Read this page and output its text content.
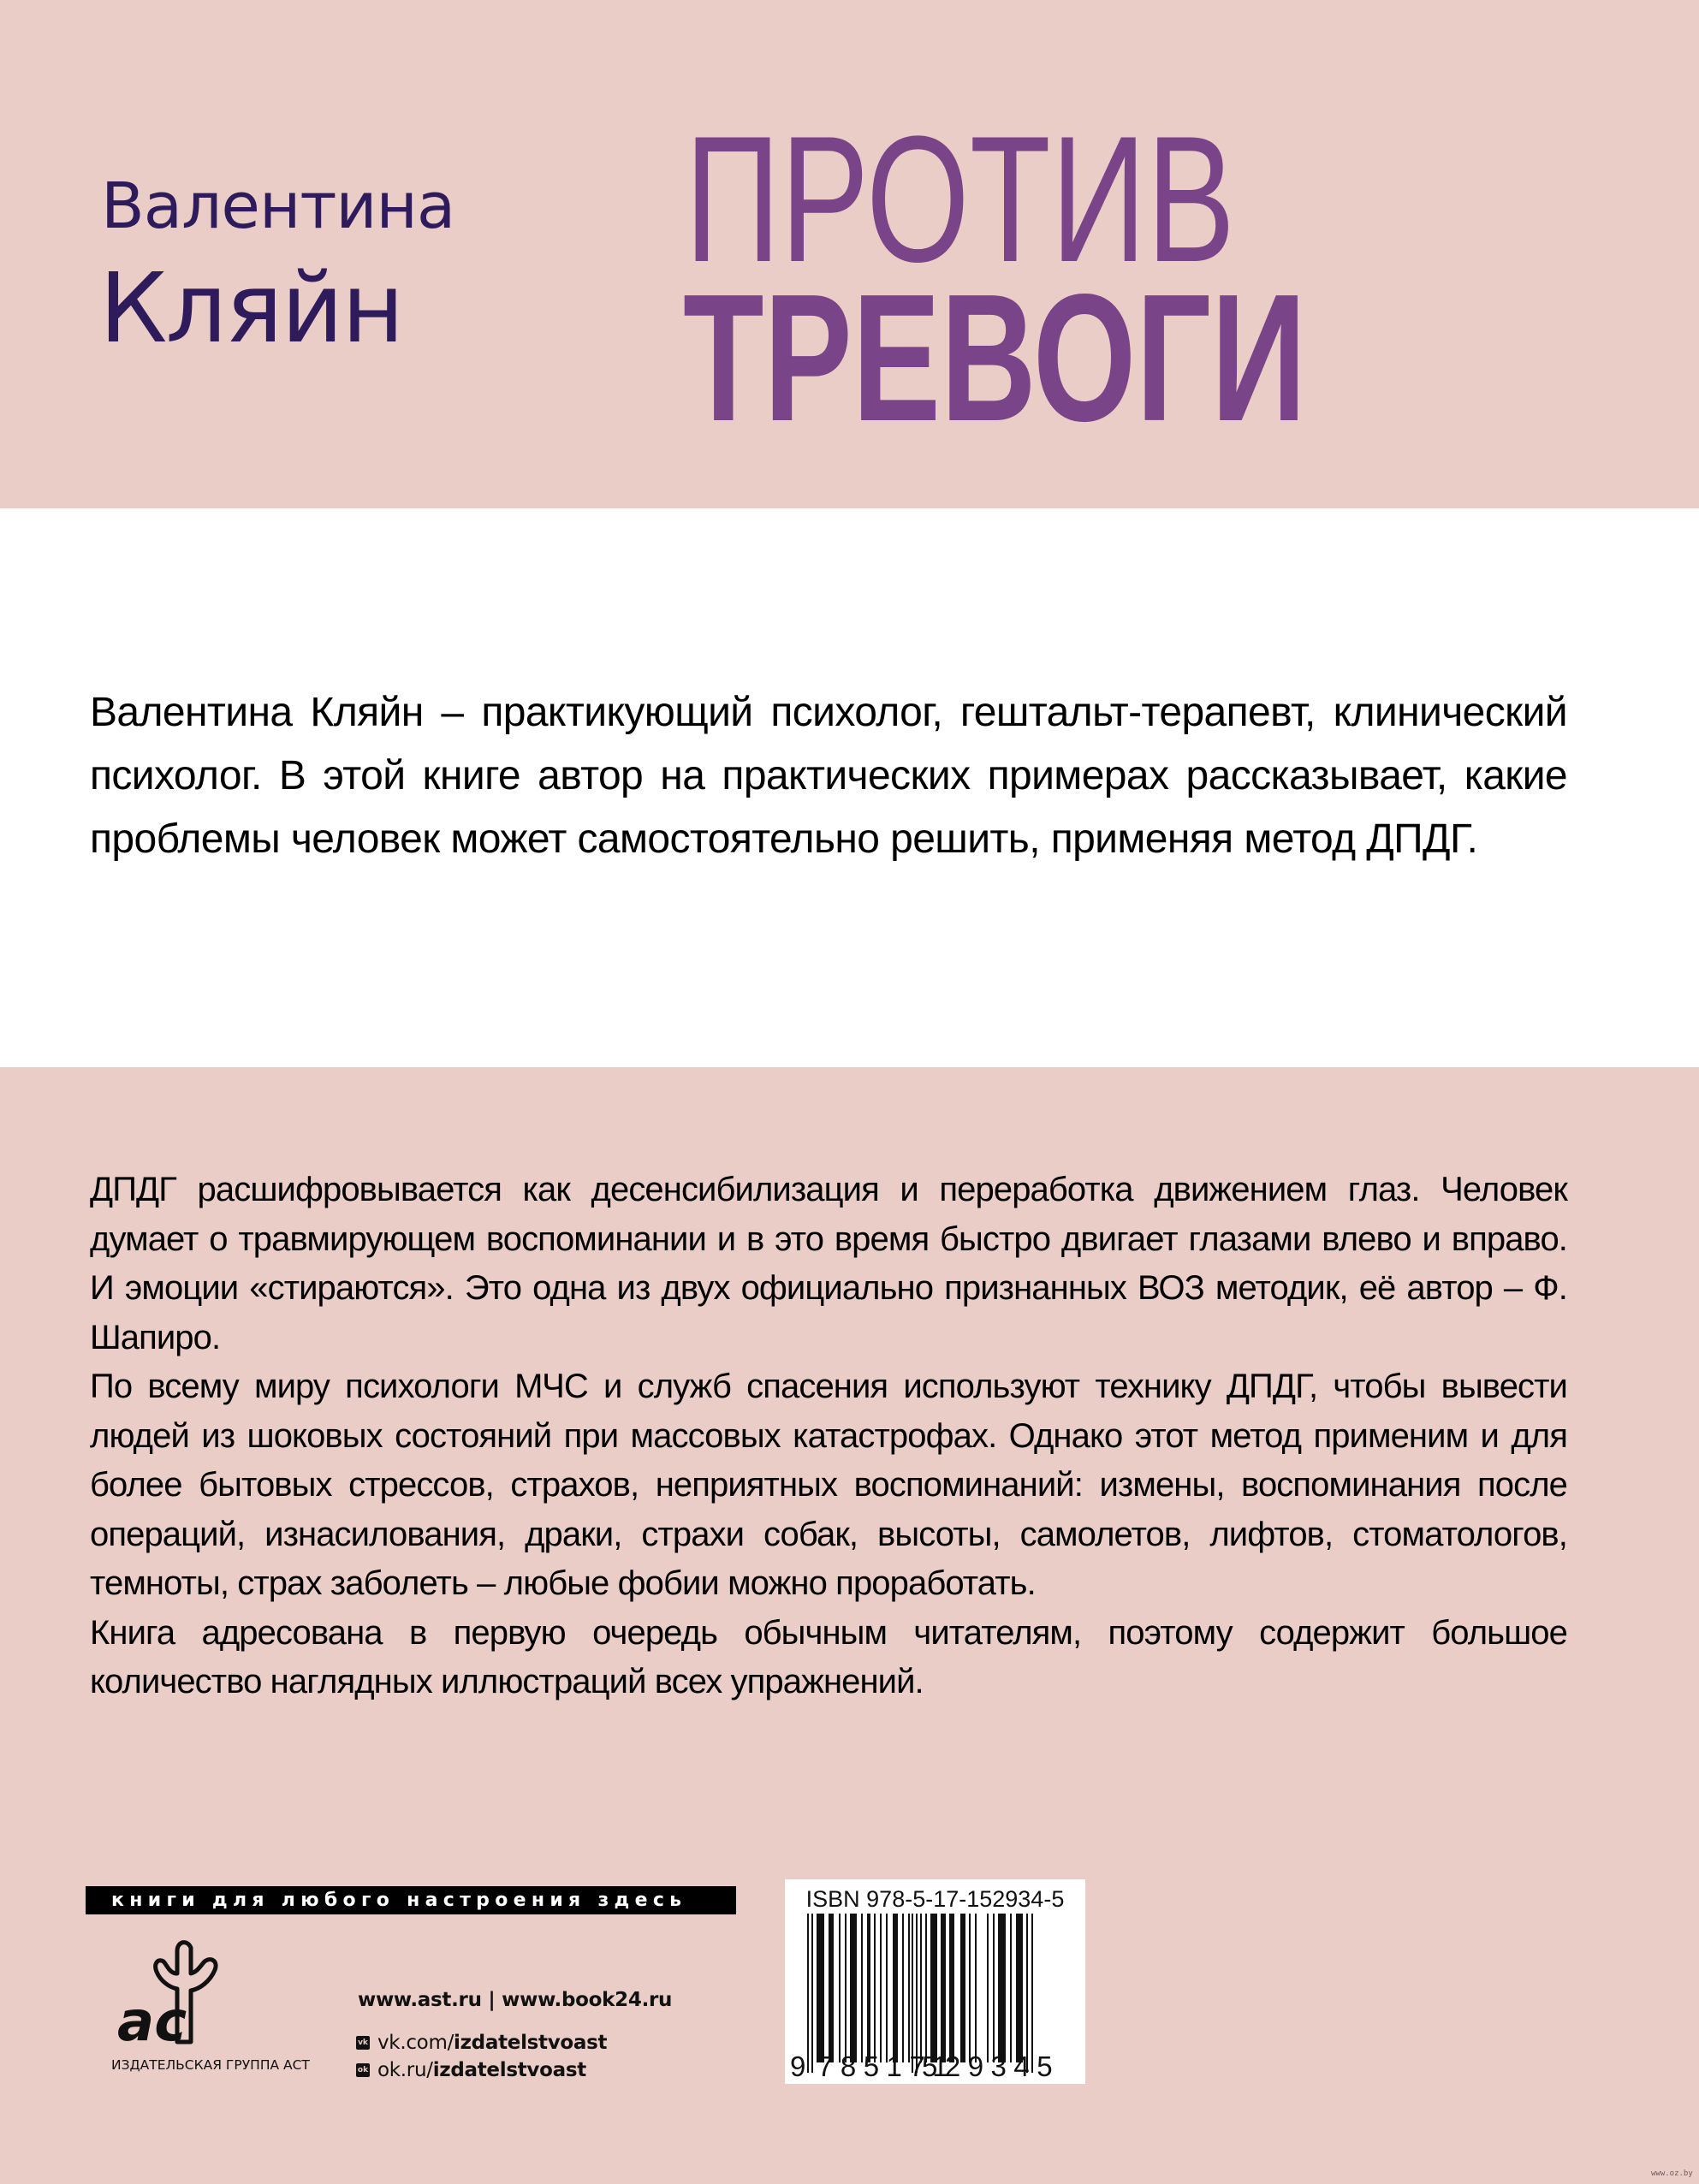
Валентина
Кляйн
ПРОТИВ
ТРЕВОГИ
Валентина Кляйн – практикующий психолог, гештальт-терапевт, клинический психолог. В этой книге автор на практических примерах рассказывает, какие проблемы человек может самостоятельно решить, применяя метод ДПДГ.

ДПДГ расшифровывается как десенсибилизация и переработка движением глаз. Человек думает о травмирующем воспоминании и в это время быстро двигает глазами влево и вправо. И эмоции «стираются». Это одна из двух официально признанных ВОЗ методик, её автор – Ф. Шапиро.

По всему миру психологи МЧС и служб спасения используют технику ДПДГ, чтобы вывести людей из шоковых состояний при массовых катастрофах. Однако этот метод применим и для более бытовых стрессов, страхов, неприятных воспоминаний: измены, воспоминания после операций, изнасилования, драки, страхи собак, высоты, самолетов, лифтов, стоматологов, темноты, страх заболеть – любые фобии можно проработать.

Книга адресована в первую очередь обычным читателям, поэтому содержит большое количество наглядных иллюстраций всех упражнений.

книги для любого настроения здесь
ас
ИЗДАТЕЛЬСКАЯ ГРУППА АСТ
www.ast.ru | www.book24.ru
vk vk.com/ izdatelstvoast
ok ok.ru/ izdatelstvoast
ISBN 978-5-17-152934-5
9 785171
529345
www.oz.by
